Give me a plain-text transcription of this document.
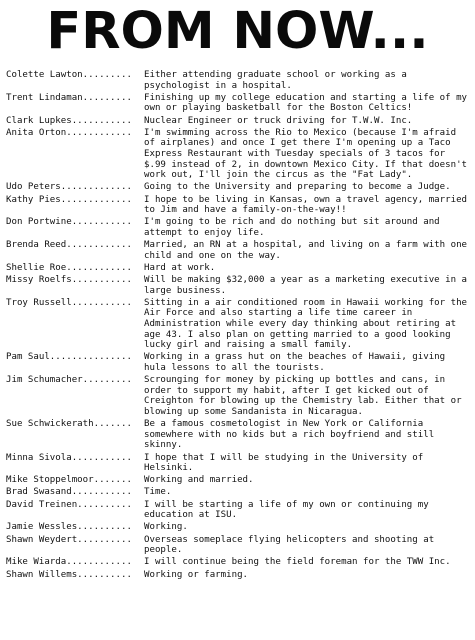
FROM NOW...
Colette Lawton.........	Either attending graduate school or working as a psychologist in a hospital.
Trent Lindaman.........	Finishing up my college education and starting a life of my own or playing basketball for the Boston Celtics!
Clark Lupkes...........	Nuclear Engineer or truck driving for T.W.W. Inc.
Anita Orton............	I'm swimming across the Rio to Mexico (because I'm afraid of airplanes) and once I get there I'm opening up a Taco Express Restaurant with Tuesday specials of 3 tacos for $.99 instead of 2, in downtown Mexico City. If that doesn't work out, I'll join the circus as the "Fat Lady".
Udo Peters.............	Going to the University and preparing to become a Judge.
Kathy Pies.............	I hope to be living in Kansas, own a travel agency, married to Jim and have a family-on-the-way!!
Don Portwine...........	I'm going to be rich and do nothing but sit around and attempt to enjoy life.
Brenda Reed............	Married, an RN at a hospital, and living on a farm with one child and one on the way.
Shellie Roe............	Hard at work.
Missy Roelfs...........	Will be making $32,000 a year as a marketing executive in a large business.
Troy Russell...........	Sitting in a air conditioned room in Hawaii working for the Air Force and also starting a life time career in Administration while every day thinking about retiring at age 43. I also plan on getting married to a good looking lucky girl and raising a small family.
Pam Saul...............	Working in a grass hut on the beaches of Hawaii, giving hula lessons to all the tourists.
Jim Schumacher.........	Scrounging for money by picking up bottles and cans, in order to support my habit, after I get kicked out of Creighton for blowing up the Chemistry lab. Either that or blowing up some Sandanista in Nicaragua.
Sue Schwickerath.......	Be a famous cosmetologist in New York or California somewhere with no kids but a rich boyfriend and still skinny.
Minna Sivola...........	I hope that I will be studying in the University of Helsinki.
Mike Stoppelmoor.......	Working and married.
Brad Swasand...........	Time.
David Treinen..........	I will be starting a life of my own or continuing my education at ISU.
Jamie Wessles..........	Working.
Shawn Weydert..........	Overseas someplace flying helicopters and shooting at people.
Mike Wiarda............	I will continue being the field foreman for the TWW Inc.
Shawn Willems..........	Working or farming.
